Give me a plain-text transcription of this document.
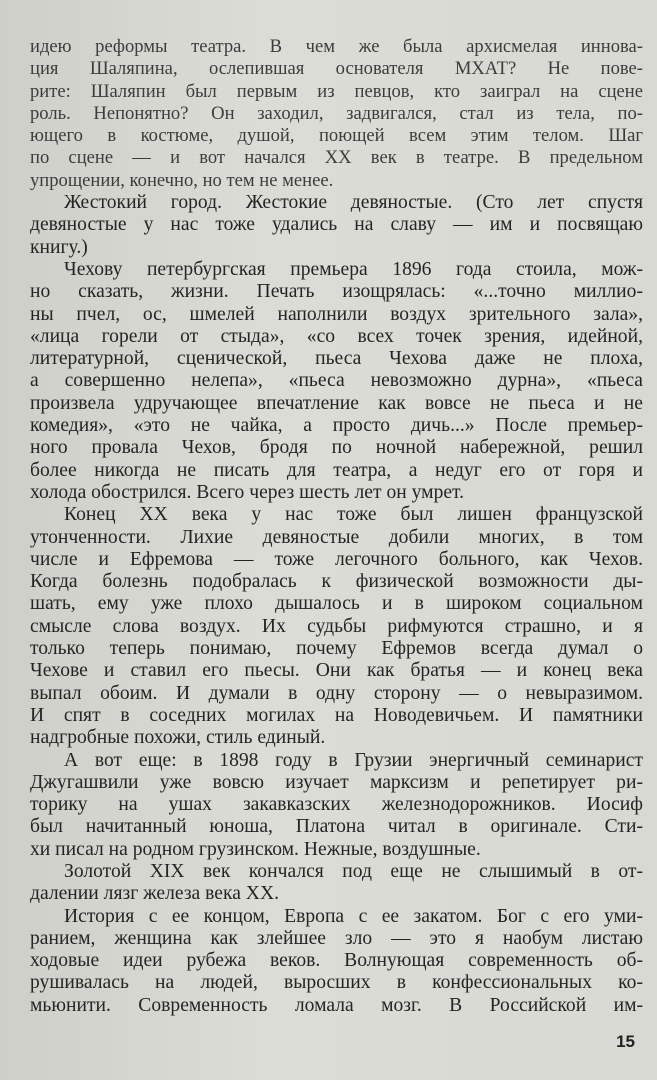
идею реформы театра. В чем же была архисмелая иннова-
ция Шаляпина, ослепившая основателя МХАТ? Не пове-
рите: Шаляпин был первым из певцов, кто заиграл на сцене
роль. Непонятно? Он заходил, задвигался, стал из тела, по-
ющего в костюме, душой, поющей всем этим телом. Шаг
по сцене — и вот начался XX век в театре. В предельном
упрощении, конечно, но тем не менее.
Жестокий город. Жестокие девяностые. (Сто лет спустя
девяностые у нас тоже удались на славу — им и посвящаю
книгу.)
Чехову петербургская премьера 1896 года стоила, мож-
но сказать, жизни. Печать изощрялась: «...точно миллио-
ны пчел, ос, шмелей наполнили воздух зрительного зала»,
«лица горели от стыда», «со всех точек зрения, идейной,
литературной, сценической, пьеса Чехова даже не плоха,
а совершенно нелепа», «пьеса невозможно дурна», «пьеса
произвела удручающее впечатление как вовсе не пьеса и не
комедия», «это не чайка, а просто дичь...» После премьер-
ного провала Чехов, бродя по ночной набережной, решил
более никогда не писать для театра, а недуг его от горя и
холода обострился. Всего через шесть лет он умрет.
Конец XX века у нас тоже был лишен французской
утонченности. Лихие девяностые добили многих, в том
числе и Ефремова — тоже легочного больного, как Чехов.
Когда болезнь подобралась к физической возможности ды-
шать, ему уже плохо дышалось и в широком социальном
смысле слова воздух. Их судьбы рифмуются страшно, и я
только теперь понимаю, почему Ефремов всегда думал о
Чехове и ставил его пьесы. Они как братья — и конец века
выпал обоим. И думали в одну сторону — о невыразимом.
И спят в соседних могилах на Новодевичьем. И памятники
надгробные похожи, стиль единый.
А вот еще: в 1898 году в Грузии энергичный семинарист
Джугашвили уже вовсю изучает марксизм и репетирует ри-
торику на ушах закавказских железнодорожников. Иосиф
был начитанный юноша, Платона читал в оригинале. Сти-
хи писал на родном грузинском. Нежные, воздушные.
Золотой XIX век кончался под еще не слышимый в от-
далении лязг железа века XX.
История с ее концом, Европа с ее закатом. Бог с его уми-
ранием, женщина как злейшее зло — это я наобум листаю
ходовые идеи рубежа веков. Волнующая современность об-
рушивалась на людей, выросших в конфессиональных ко-
мьюнити. Современность ломала мозг. В Российской им-
15
